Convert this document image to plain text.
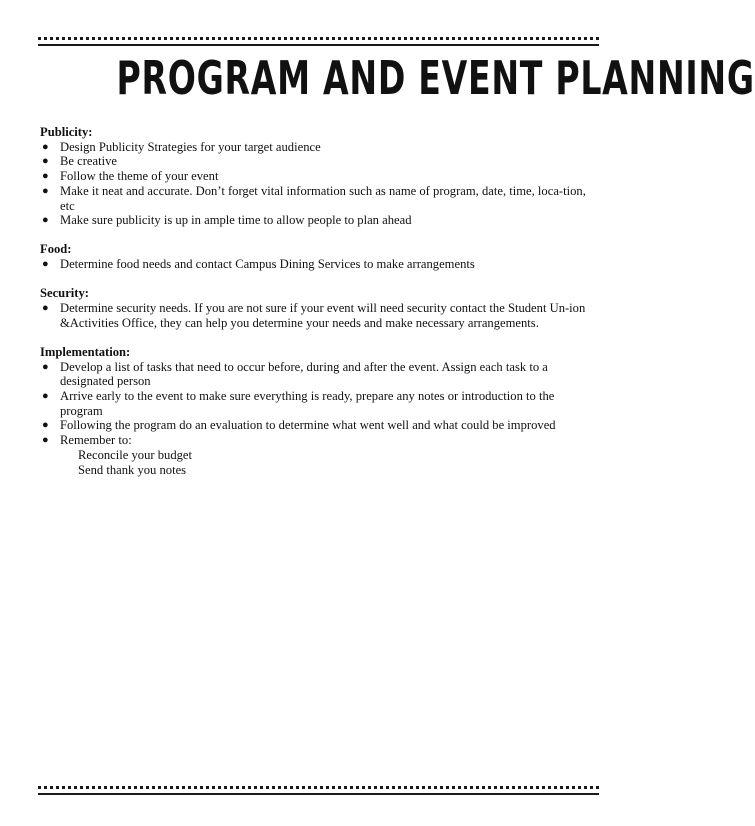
PROGRAM AND EVENT PLANNING

Publicity:

● Design Publicity Strategies for your target audience
● Be creative
● Follow the theme of your event
● Make it neat and accurate. Don’t forget vital information such as name of program, date, time, loca-tion, etc
● Make sure publicity is up in ample time to allow people to plan ahead

Food:

● Determine food needs and contact Campus Dining Services to make arrangements

Security:

● Determine security needs. If you are not sure if your event will need security contact the Student Un-ion &Activities Office, they can help you determine your needs and make necessary arrangements.

Implementation:

● Develop a list of tasks that need to occur before, during and after the event. Assign each task to a designated person
● Arrive early to the event to make sure everything is ready, prepare any notes or introduction to the program
● Following the program do an evaluation to determine what went well and what could be improved
● Remember to:
Reconcile your budget
Send thank you notes
